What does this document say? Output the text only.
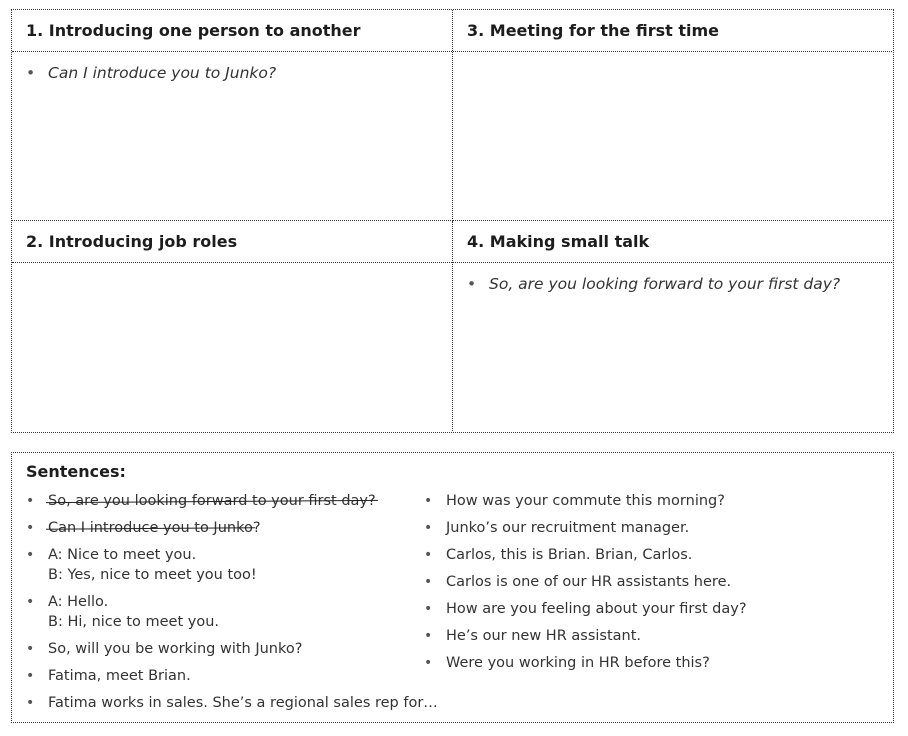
1. Introducing one person to another
• Can I introduce you to Junko?
3. Meeting for the first time
2. Introducing job roles	4. Making small talk
• So, are you looking forward to your first day?
Sentences:
• So, are you looking forward to your first day?
• Can I introduce you to Junko?
• A: Nice to meet you.
B: Yes, nice to meet you too!
• A: Hello.
B: Hi, nice to meet you.
• So, will you be working with Junko?
• Fatima, meet Brian.
• Fatima works in sales. She’s a regional sales rep for…
• How was your commute this morning?
• Junko’s our recruitment manager.
• Carlos, this is Brian. Brian, Carlos.
• Carlos is one of our HR assistants here.
• How are you feeling about your first day?
• He’s our new HR assistant.
• Were you working in HR before this?
